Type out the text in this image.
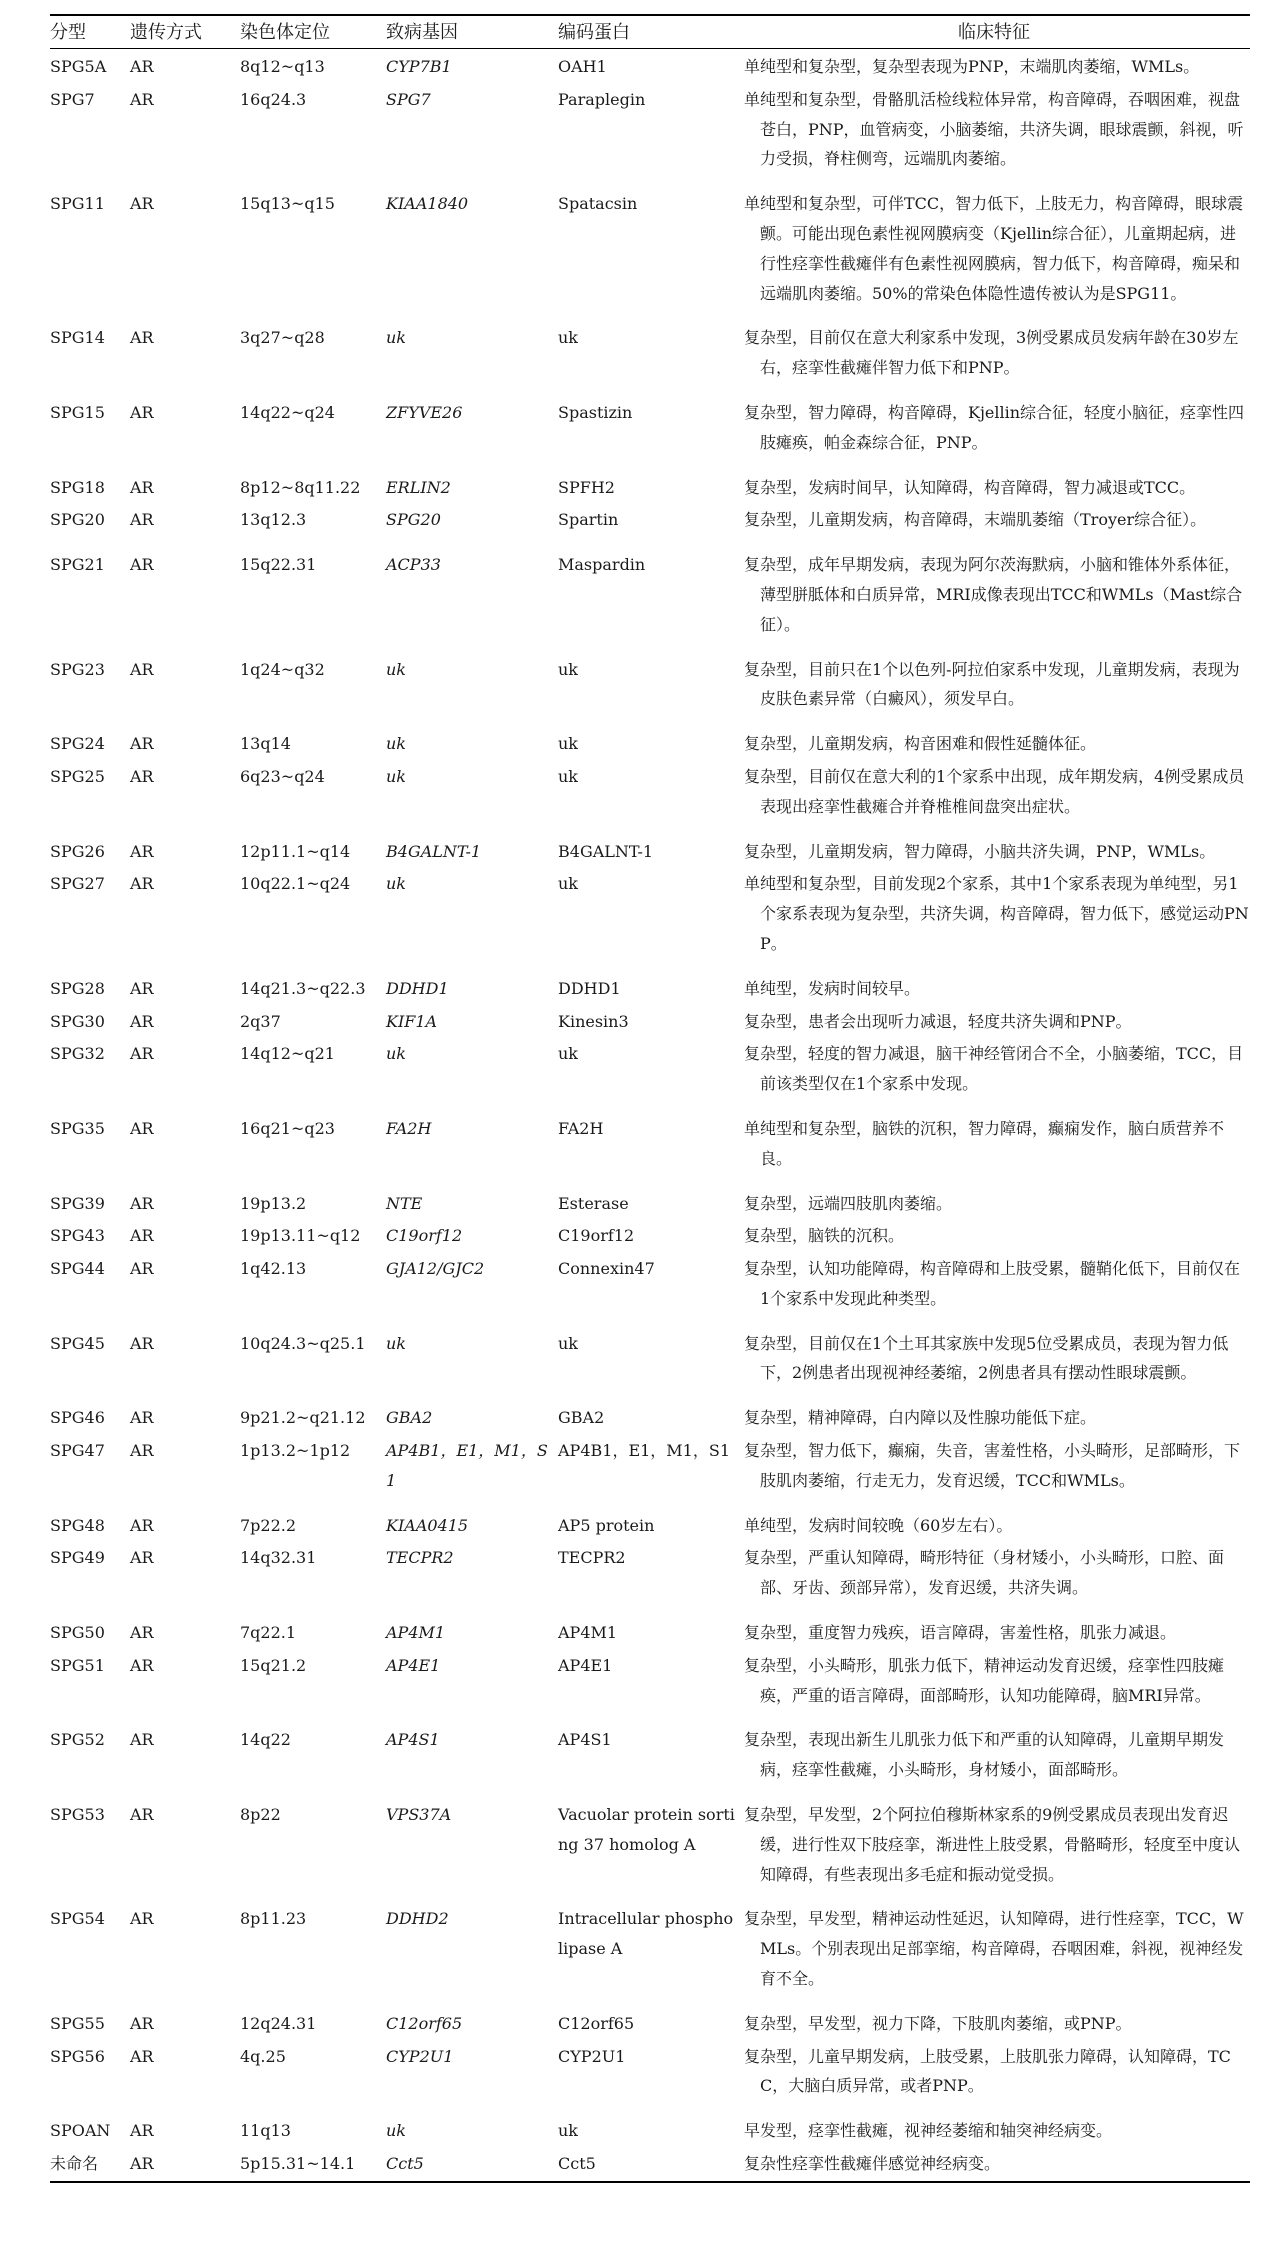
分型	遗传方式	染色体定位	致病基因	编码蛋白	临床特征
SPG5A	AR	8q12~q13	CYP7B1	OAH1	单纯型和复杂型，复杂型表现为PNP，末端肌肉萎缩，WMLs。

SPG7	AR	16q24.3	SPG7	Paraplegin	单纯型和复杂型，骨骼肌活检线粒体异常，构音障碍，吞咽困难，视盘苍白，PNP，血管病变，小脑萎缩，共济失调，眼球震颤，斜视，听力受损，脊柱侧弯，远端肌肉萎缩。

SPG11	AR	15q13~q15	KIAA1840	Spatacsin	单纯型和复杂型，可伴TCC，智力低下，上肢无力，构音障碍，眼球震颤。可能出现色素性视网膜病变（Kjellin综合征），儿童期起病，进行性痉挛性截瘫伴有色素性视网膜病，智力低下，构音障碍，痴呆和远端肌肉萎缩。50%的常染色体隐性遗传被认为是SPG11。

SPG14	AR	3q27~q28	uk	uk	复杂型，目前仅在意大利家系中发现，3例受累成员发病年龄在30岁左右，痉挛性截瘫伴智力低下和PNP。

SPG15	AR	14q22~q24	ZFYVE26	Spastizin	复杂型，智力障碍，构音障碍，Kjellin综合征，轻度小脑征，痉挛性四肢瘫痪，帕金森综合征，PNP。

SPG18	AR	8p12~8q11.22	ERLIN2	SPFH2	复杂型，发病时间早，认知障碍，构音障碍，智力减退或TCC。

SPG20	AR	13q12.3	SPG20	Spartin	复杂型，儿童期发病，构音障碍，末端肌萎缩（Troyer综合征）。

SPG21	AR	15q22.31	ACP33	Maspardin	复杂型，成年早期发病，表现为阿尔茨海默病，小脑和锥体外系体征，薄型胼胝体和白质异常，MRI成像表现出TCC和WMLs（Mast综合征）。

SPG23	AR	1q24~q32	uk	uk	复杂型，目前只在1个以色列-阿拉伯家系中发现，儿童期发病，表现为皮肤色素异常（白癜风），须发早白。

SPG24	AR	13q14	uk	uk	复杂型，儿童期发病，构音困难和假性延髓体征。

SPG25	AR	6q23~q24	uk	uk	复杂型，目前仅在意大利的1个家系中出现，成年期发病，4例受累成员表现出痉挛性截瘫合并脊椎椎间盘突出症状。

SPG26	AR	12p11.1~q14	B4GALNT-1	B4GALNT-1	复杂型，儿童期发病，智力障碍，小脑共济失调，PNP，WMLs。

SPG27	AR	10q22.1~q24	uk	uk	单纯型和复杂型，目前发现2个家系，其中1个家系表现为单纯型，另1个家系表现为复杂型，共济失调，构音障碍，智力低下，感觉运动PNP。

SPG28	AR	14q21.3~q22.3	DDHD1	DDHD1	单纯型，发病时间较早。

SPG30	AR	2q37	KIF1A	Kinesin3	复杂型，患者会出现听力减退，轻度共济失调和PNP。

SPG32	AR	14q12~q21	uk	uk	复杂型，轻度的智力减退，脑干神经管闭合不全，小脑萎缩，TCC，目前该类型仅在1个家系中发现。

SPG35	AR	16q21~q23	FA2H	FA2H	单纯型和复杂型，脑铁的沉积，智力障碍，癫痫发作，脑白质营养不良。

SPG39	AR	19p13.2	NTE	Esterase	复杂型，远端四肢肌肉萎缩。

SPG43	AR	19p13.11~q12	C19orf12	C19orf12	复杂型，脑铁的沉积。

SPG44	AR	1q42.13	GJA12/GJC2	Connexin47	复杂型，认知功能障碍，构音障碍和上肢受累，髓鞘化低下，目前仅在1个家系中发现此种类型。

SPG45	AR	10q24.3~q25.1	uk	uk	复杂型，目前仅在1个土耳其家族中发现5位受累成员，表现为智力低下，2例患者出现视神经萎缩，2例患者具有摆动性眼球震颤。

SPG46	AR	9p21.2~q21.12	GBA2	GBA2	复杂型，精神障碍，白内障以及性腺功能低下症。

SPG47	AR	1p13.2~1p12	AP4B1，E1，M1，S1	AP4B1，E1，M1，S1	复杂型，智力低下，癫痫，失音，害羞性格，小头畸形，足部畸形，下肢肌肉萎缩，行走无力，发育迟缓，TCC和WMLs。

SPG48	AR	7p22.2	KIAA0415	AP5 protein	单纯型，发病时间较晚（60岁左右）。

SPG49	AR	14q32.31	TECPR2	TECPR2	复杂型，严重认知障碍，畸形特征（身材矮小，小头畸形，口腔、面部、牙齿、颈部异常），发育迟缓，共济失调。

SPG50	AR	7q22.1	AP4M1	AP4M1	复杂型，重度智力残疾，语言障碍，害羞性格，肌张力减退。

SPG51	AR	15q21.2	AP4E1	AP4E1	复杂型，小头畸形，肌张力低下，精神运动发育迟缓，痉挛性四肢瘫痪，严重的语言障碍，面部畸形，认知功能障碍，脑MRI异常。

SPG52	AR	14q22	AP4S1	AP4S1	复杂型，表现出新生儿肌张力低下和严重的认知障碍，儿童期早期发病，痉挛性截瘫，小头畸形，身材矮小，面部畸形。

SPG53	AR	8p22	VPS37A	Vacuolar protein sorting 37 homolog A	复杂型，早发型，2个阿拉伯穆斯林家系的9例受累成员表现出发育迟缓，进行性双下肢痉挛，渐进性上肢受累，骨骼畸形，轻度至中度认知障碍，有些表现出多毛症和振动觉受损。

SPG54	AR	8p11.23	DDHD2	Intracellular phospholipase A	复杂型，早发型，精神运动性延迟，认知障碍，进行性痉挛，TCC，WMLs。个别表现出足部挛缩，构音障碍，吞咽困难，斜视，视神经发育不全。

SPG55	AR	12q24.31	C12orf65	C12orf65	复杂型，早发型，视力下降，下肢肌肉萎缩，或PNP。

SPG56	AR	4q.25	CYP2U1	CYP2U1	复杂型，儿童早期发病，上肢受累，上肢肌张力障碍，认知障碍，TCC，大脑白质异常，或者PNP。

SPOAN	AR	11q13	uk	uk	早发型，痉挛性截瘫，视神经萎缩和轴突神经病变。

未命名	AR	5p15.31~14.1	Cct5	Cct5	复杂性痉挛性截瘫伴感觉神经病变。
